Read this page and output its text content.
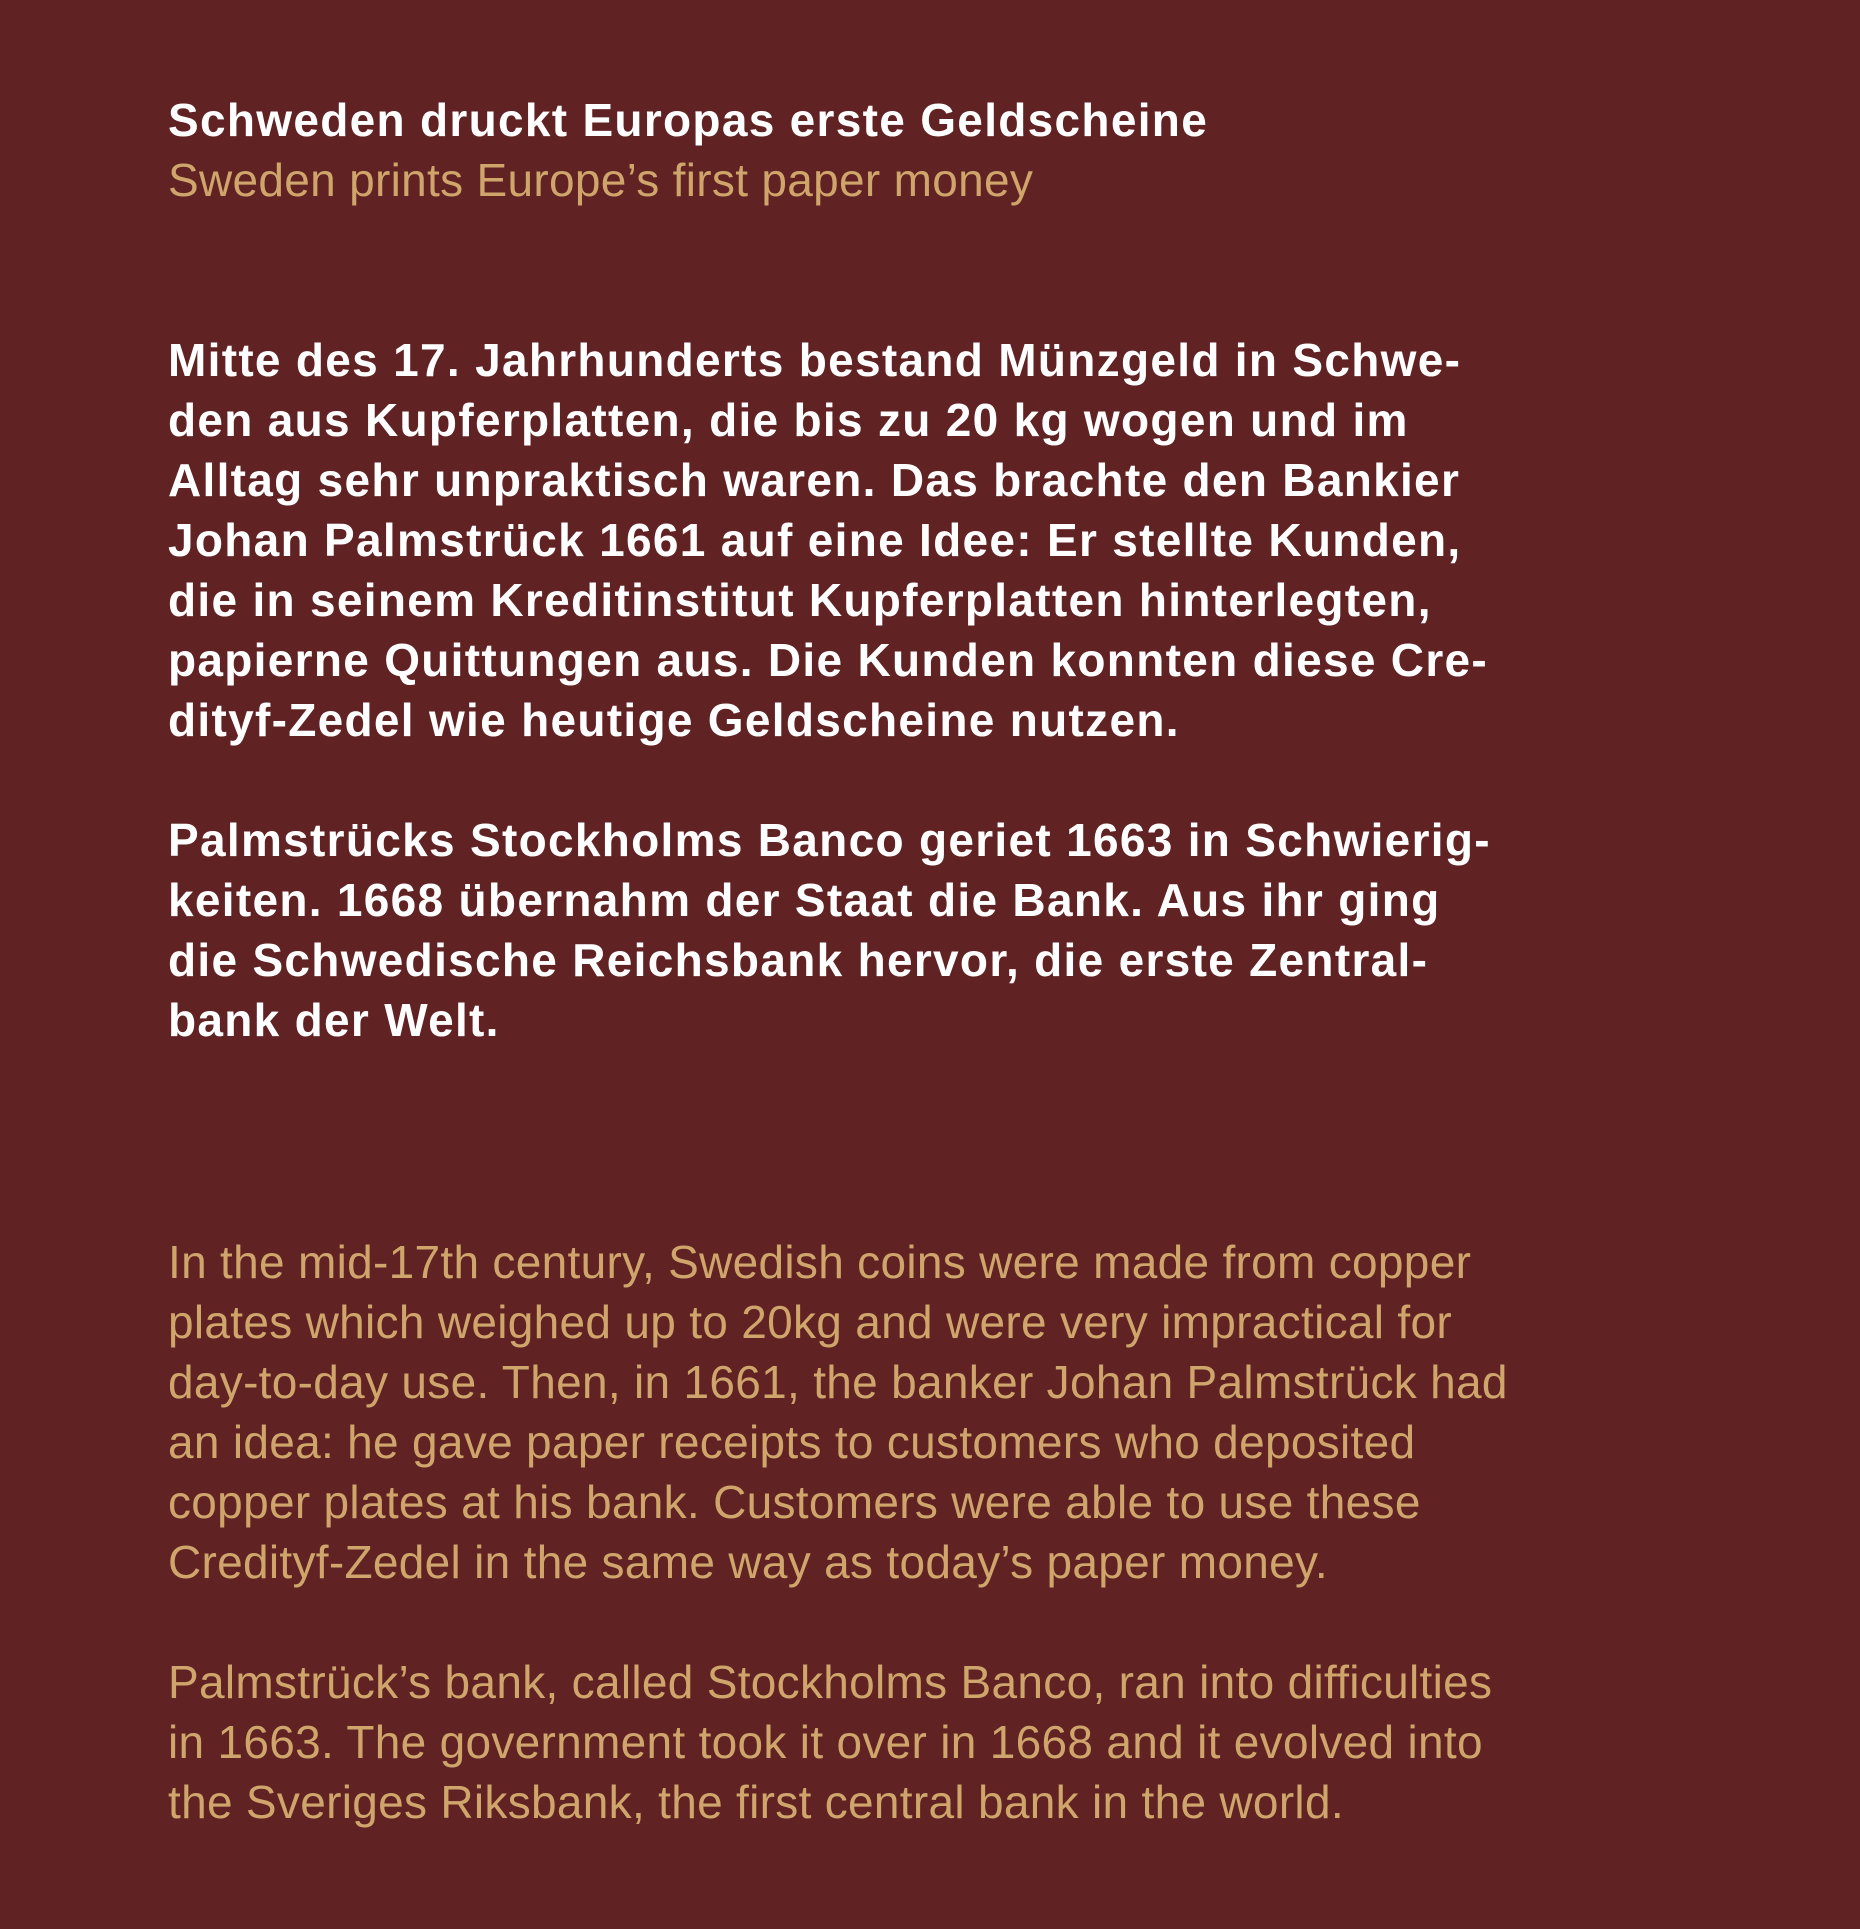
Schweden druckt Europas erste Geldscheine
Sweden prints Europe’s first paper money
Mitte des 17. Jahrhunderts bestand Münzgeld in Schwe-
den aus Kupferplatten, die bis zu 20 kg wogen und im
Alltag sehr unpraktisch waren. Das brachte den Bankier
Johan Palmstrück 1661 auf eine Idee: Er stellte Kunden,
die in seinem Kreditinstitut Kupferplatten hinterlegten,
papierne Quittungen aus. Die Kunden konnten diese Cre-
dityf-Zedel wie heutige Geldscheine nutzen.
Palmstrücks Stockholms Banco geriet 1663 in Schwierig-
keiten. 1668 übernahm der Staat die Bank. Aus ihr ging
die Schwedische Reichsbank hervor, die erste Zentral-
bank der Welt.
In the mid-17th century, Swedish coins were made from copper
plates which weighed up to 20kg and were very impractical for
day-to-day use. Then, in 1661, the banker Johan Palmstrück had
an idea: he gave paper receipts to customers who deposited
copper plates at his bank. Customers were able to use these
Credityf-Zedel in the same way as today’s paper money.
Palmstrück’s bank, called Stockholms Banco, ran into difficulties
in 1663. The government took it over in 1668 and it evolved into
the Sveriges Riksbank, the first central bank in the world.
